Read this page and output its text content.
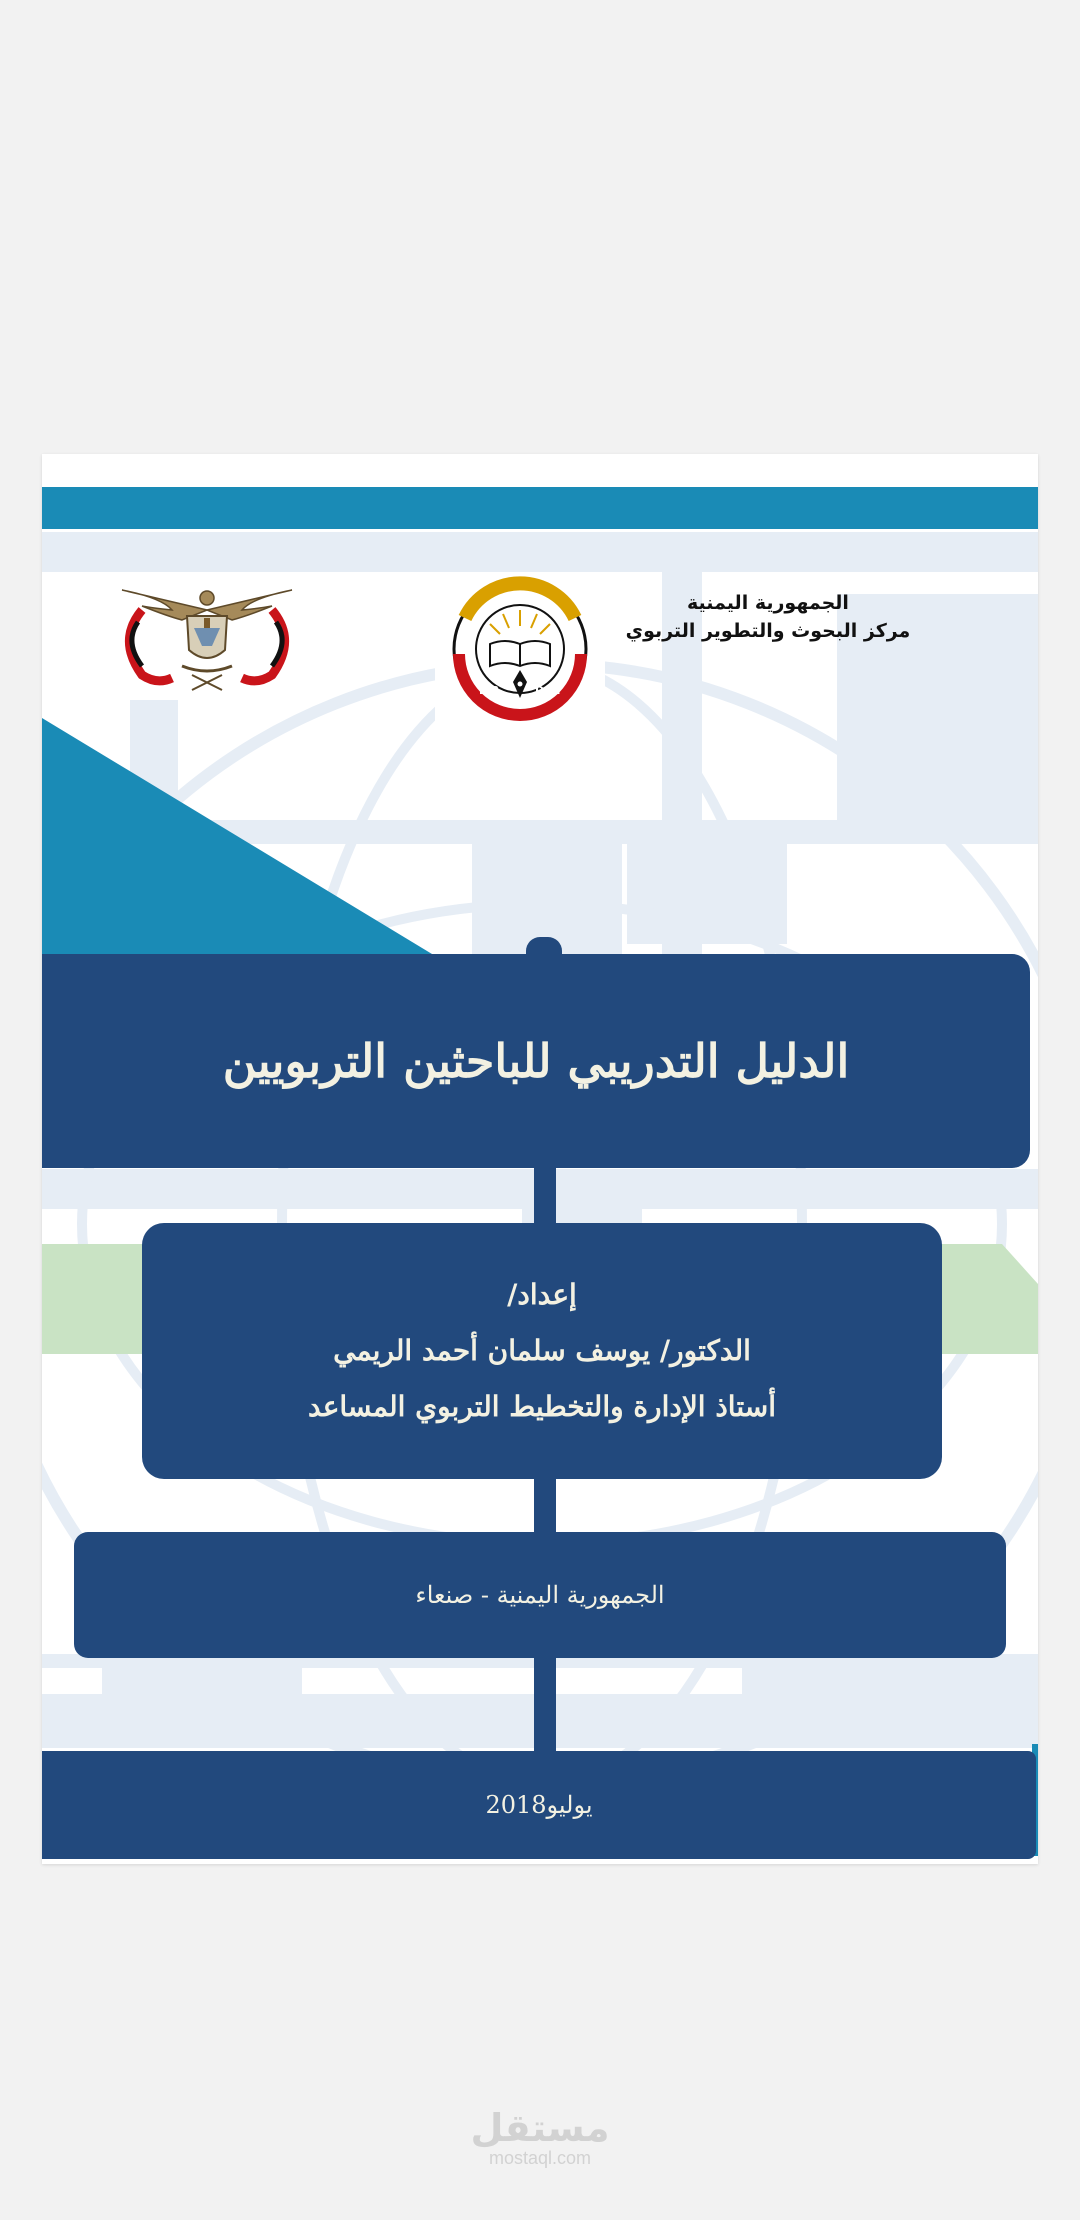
الجمهورية اليمنية
مركز البحوث والتطوير التربوي
E.R.	D.C.
الدليل التدريبي للباحثين التربويين
إعداد/
الدكتور/ يوسف سلمان أحمد الريمي
أستاذ الإدارة والتخطيط التربوي المساعد
الجمهورية اليمنية - صنعاء
يوليو2018
مستقل
mostaql.com
